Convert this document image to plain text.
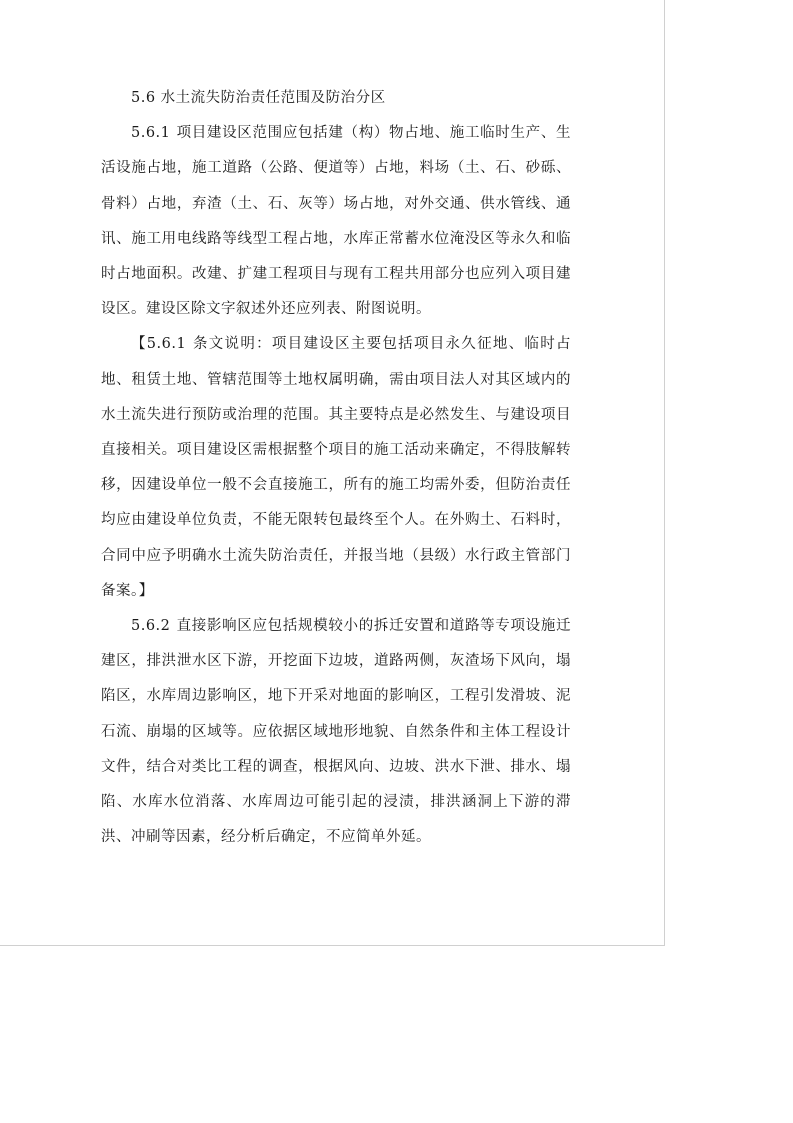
5.6 水土流失防治责任范围及防治分区

5.6.1 项目建设区范围应包括建（构）物占地、施工临时生产、生活设施占地，施工道路（公路、便道等）占地，料场（土、石、砂砾、骨料）占地，弃渣（土、石、灰等）场占地，对外交通、供水管线、通讯、施工用电线路等线型工程占地，水库正常蓄水位淹没区等永久和临时占地面积。改建、扩建工程项目与现有工程共用部分也应列入项目建设区。建设区除文字叙述外还应列表、附图说明。

【5.6.1 条文说明：项目建设区主要包括项目永久征地、临时占地、租赁土地、管辖范围等土地权属明确，需由项目法人对其区域内的水土流失进行预防或治理的范围。其主要特点是必然发生、与建设项目直接相关。项目建设区需根据整个项目的施工活动来确定，不得肢解转移，因建设单位一般不会直接施工，所有的施工均需外委，但防治责任均应由建设单位负责，不能无限转包最终至个人。在外购土、石料时，合同中应予明确水土流失防治责任，并报当地（县级）水行政主管部门备案。】

5.6.2 直接影响区应包括规模较小的拆迁安置和道路等专项设施迁建区，排洪泄水区下游，开挖面下边坡，道路两侧，灰渣场下风向，塌陷区，水库周边影响区，地下开采对地面的影响区，工程引发滑坡、泥石流、崩塌的区域等。应依据区域地形地貌、自然条件和主体工程设计文件，结合对类比工程的调查，根据风向、边坡、洪水下泄、排水、塌陷、水库水位消落、水库周边可能引起的浸渍，排洪涵洞上下游的滞洪、冲刷等因素，经分析后确定，不应简单外延。
